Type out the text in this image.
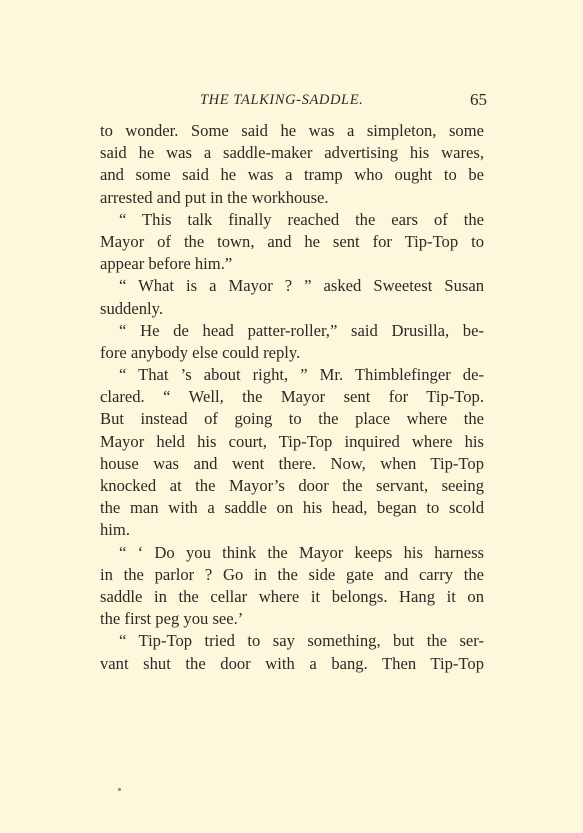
THE TALKING-SADDLE.	65
to wonder. Some said he was a simpleton, some
said he was a saddle-maker advertising his wares,
and some said he was a tramp who ought to be
arrested and put in the workhouse.
“ This talk finally reached the ears of the
Mayor of the town, and he sent for Tip-Top to
appear before him.”
“ What is a Mayor ? ” asked Sweetest Susan
suddenly.
“ He de head patter-roller,” said Drusilla, be-
fore anybody else could reply.
“ That ’s about right, ” Mr. Thimblefinger de-
clared. “ Well, the Mayor sent for Tip-Top.
But instead of going to the place where the
Mayor held his court, Tip-Top inquired where his
house was and went there. Now, when Tip-Top
knocked at the Mayor’s door the servant, seeing
the man with a saddle on his head, began to scold
him.
“ ‘ Do you think the Mayor keeps his harness
in the parlor ? Go in the side gate and carry the
saddle in the cellar where it belongs. Hang it on
the first peg you see.’
“ Tip-Top tried to say something, but the ser-
vant shut the door with a bang. Then Tip-Top
